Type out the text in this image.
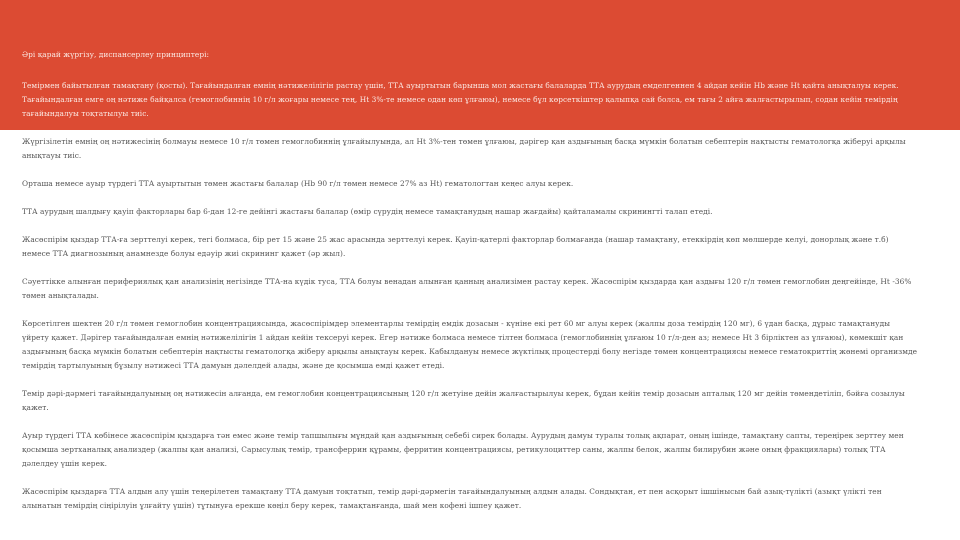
Әрі қарай жүргізу, диспансерлеу принциптері:
Темірмен байытылған тамақтану (қосты). Тағайындалған емнің нәтижелілігін растау үшін, ТТА ауыртытын барынша мол жастағы балаларда ТТА аурудың емделгеннен 4 айдан кейін Hb және Ht қайта анықталуы керек. Тағайындалған емге оң нәтиже байқалса (гемоглобиннің 10 г/л жоғары немесе тең, Ht 3%-те немесе одан көп ұлғаюы), немесе бұл көрсеткіштер қалыпқа сай болса, ем тағы 2 айға жалғастырылып, содан кейін темірдің тағайындалуы тоқтатылуы тиіс.
Жүргізілетін емнің оң нәтижесінің болмауы немесе 10 г/л төмен гемоглобиннің ұлғайылуында, ал Ht 3%-тен төмен ұлғаюы, дәрігер қан аздығының басқа мүмкін болатын себептерін нақтысты гематологқа жіберуі арқылы анықтауы тиіс.
Орташа немесе ауыр түрдегі ТТА ауыртытын төмен жастағы балалар (Hb 90 г/л төмен немесе 27% аз Ht) гематологтан кеңес алуы керек.
ТТА аурудың шалдығу қауіп факторлары бар 6-дан 12-ге дейінгі жастағы балалар (өмір сүрудің немесе тамақтанудың нашар жағдайы) қайталамалы скринингті талап етеді.
Жасөспірім қыздар ТТА-ға зерттелуі керек, тегі болмаса, бір рет 15 және 25 жас арасында зерттелуі керек. Қауіп-қатерлі факторлар болмағанда (нашар тамақтану, етеккірдің көп мөлшерде келуі, донорлық және т.б) немесе ТТА диагнозының анамнезде болуы едәуір жиі скрининг қажет (әр жыл).
Сәуеттікке алынған перифериялық қан анализінің негізінде ТТА-на күдік туса, ТТА болуы венадан алынған қанның анализімен растау керек. Жасөспірім қыздарда қан аздығы 120 г/л төмен гемоглобин деңгейінде, Ht -36% төмен анықталады.
Көрсетілген шектен 20 г/л төмен гемоглобин концентрациясында, жасөспірімдер элементарлы темірдің емдік дозасын - күніне екі рет 60 мг алуы керек (жалпы доза темірдің 120 мг), 6 үдан басқа, дұрыс тамақтануды үйрету қажет. Дәрігер тағайындалған емнің нәтижелілігін 1 айдан кейін тексеруі керек. Егер нәтиже болмаса немесе тілтен болмаса (гемоглобиннің ұлғаюы 10 г/л-ден аз; немесе Ht 3 бірліктен аз ұлғаюы), көмекшіт қан аздығының басқа мүмкін болатын себептерін нақтысты гематологқа жіберу арқылы анықтауы керек. Кабылдануы немесе жүктілық процестерді бөлу негізде төмен концентрациясы немесе гематокриттің жөнемі организмде темірдің тартылуының бұзылу нәтижесі ТТА дамуын дәлелдей алады, және де қосымша емді қажет етеді.
Темір дәрі-дәрмегі тағайындалуының оң нәтижесін алғанда, ем гемоглобин концентрациясының 120 г/л жетуіне дейін жалғастырылуы керек, бұдан кейін темір дозасын апталық 120 мг дейін төмендетіліп, бәйға созылуы қажет.
Ауыр түрдегі ТТА көбінесе жасөспірім қыздарға тән емес және темір тапшылығы мұндай қан аздығының себебі сирек болады. Аурудың дамуы туралы толық ақпарат, оның ішінде, тамақтану сапты, тереңірек зерттеу мен қосымша зертханалық анализдер (жалпы қан анализі, Сарысулық темір, трансферрин құрамы, ферритин концентрациясы, ретикулоциттер саны, жалпы белок, жалпы билирубин және оның фракциялары) толық ТТА дәлелдеу үшін керек.
Жасөспірім қыздарға ТТА алдын алу үшін теңерілетен тамақтану ТТА дамуын тоқтатып, темір дәрі-дәрмегін тағайындалуының алдын алады. Сондықтан, ет пен асқорыт ішшінысын бай азық-түлікті (азықт үлікті тен алынатын темірдің сіңірілуін ұлғайту үшін) тұтынуға ерекше көңіл беру керек, тамақтанғанда, шай мен кофені ішпеу қажет.
